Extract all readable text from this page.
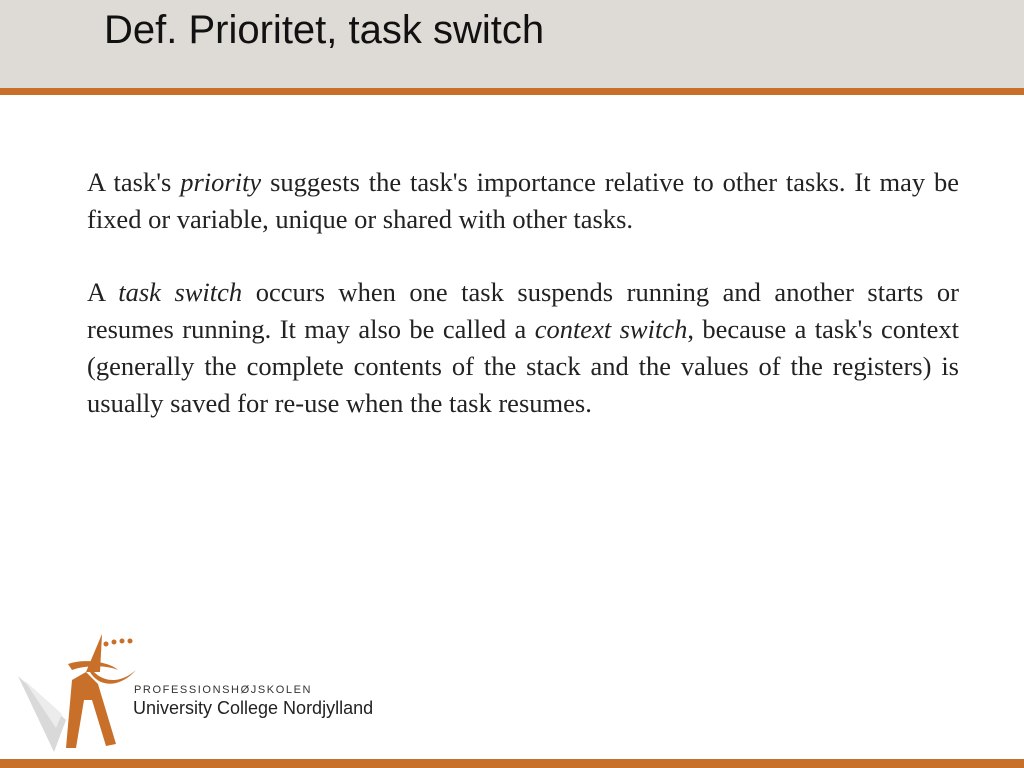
Def. Prioritet, task switch

A task's priority suggests the task's importance relative to other tasks. It may be fixed or variable, unique or shared with other tasks.

A task switch occurs when one task suspends running and another starts or resumes running. It may also be called a context switch, because a task's context (generally the complete contents of the stack and the values of the registers) is usually saved for re-use when the task resumes.

PROFESSIONSHØJSKOLEN
University College Nordjylland
